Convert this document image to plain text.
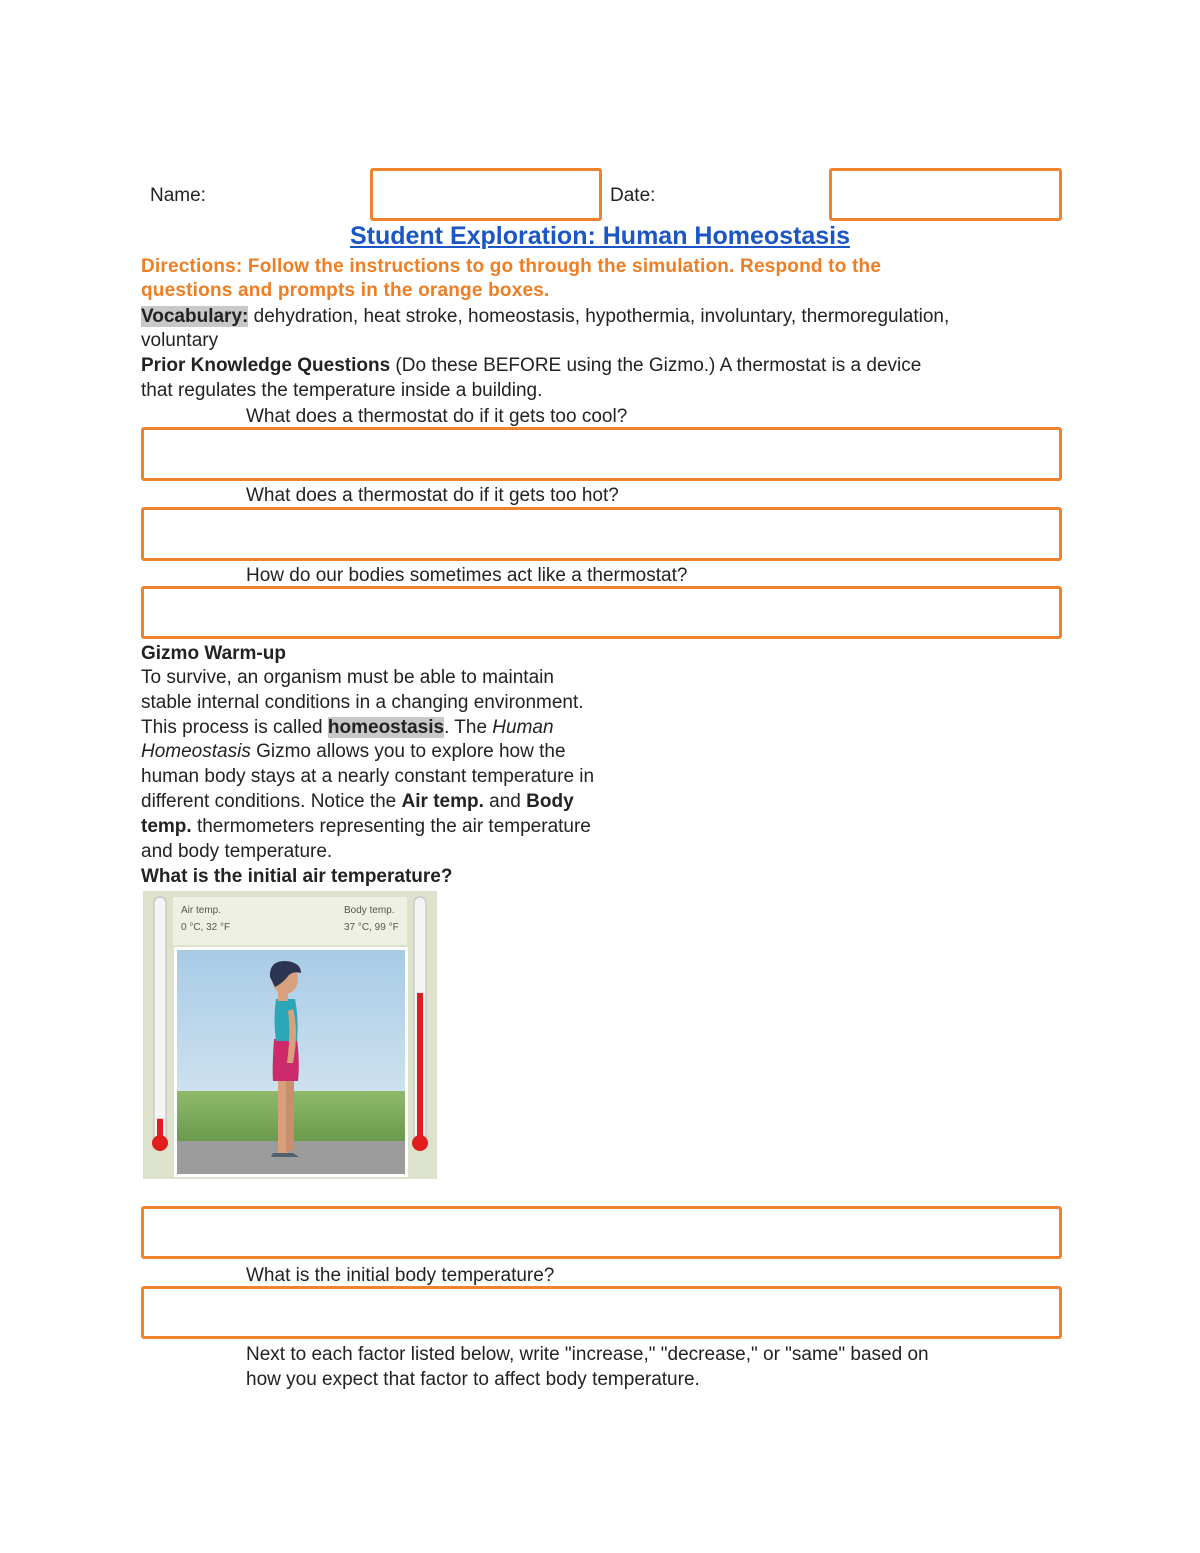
Name:	Date:
Student Exploration: Human Homeostasis
Directions: Follow the instructions to go through the simulation. Respond to the
questions and prompts in the orange boxes.
Vocabulary: dehydration, heat stroke, homeostasis, hypothermia, involuntary, thermoregulation,
voluntary
Prior Knowledge Questions (Do these BEFORE using the Gizmo.) A thermostat is a device
that regulates the temperature inside a building.
What does a thermostat do if it gets too cool?
What does a thermostat do if it gets too hot?
How do our bodies sometimes act like a thermostat?
Gizmo Warm-up
To survive, an organism must be able to maintain
stable internal conditions in a changing environment.
This process is called homeostasis. The Human
Homeostasis Gizmo allows you to explore how the
human body stays at a nearly constant temperature in
different conditions. Notice the Air temp. and Body
temp. thermometers representing the air temperature
and body temperature.
What is the initial air temperature?
Air temp.
0 °C, 32 °F
Body temp.
37 °C, 99 °F
What is the initial body temperature?
Next to each factor listed below, write "increase," "decrease," or "same" based on
how you expect that factor to affect body temperature.
